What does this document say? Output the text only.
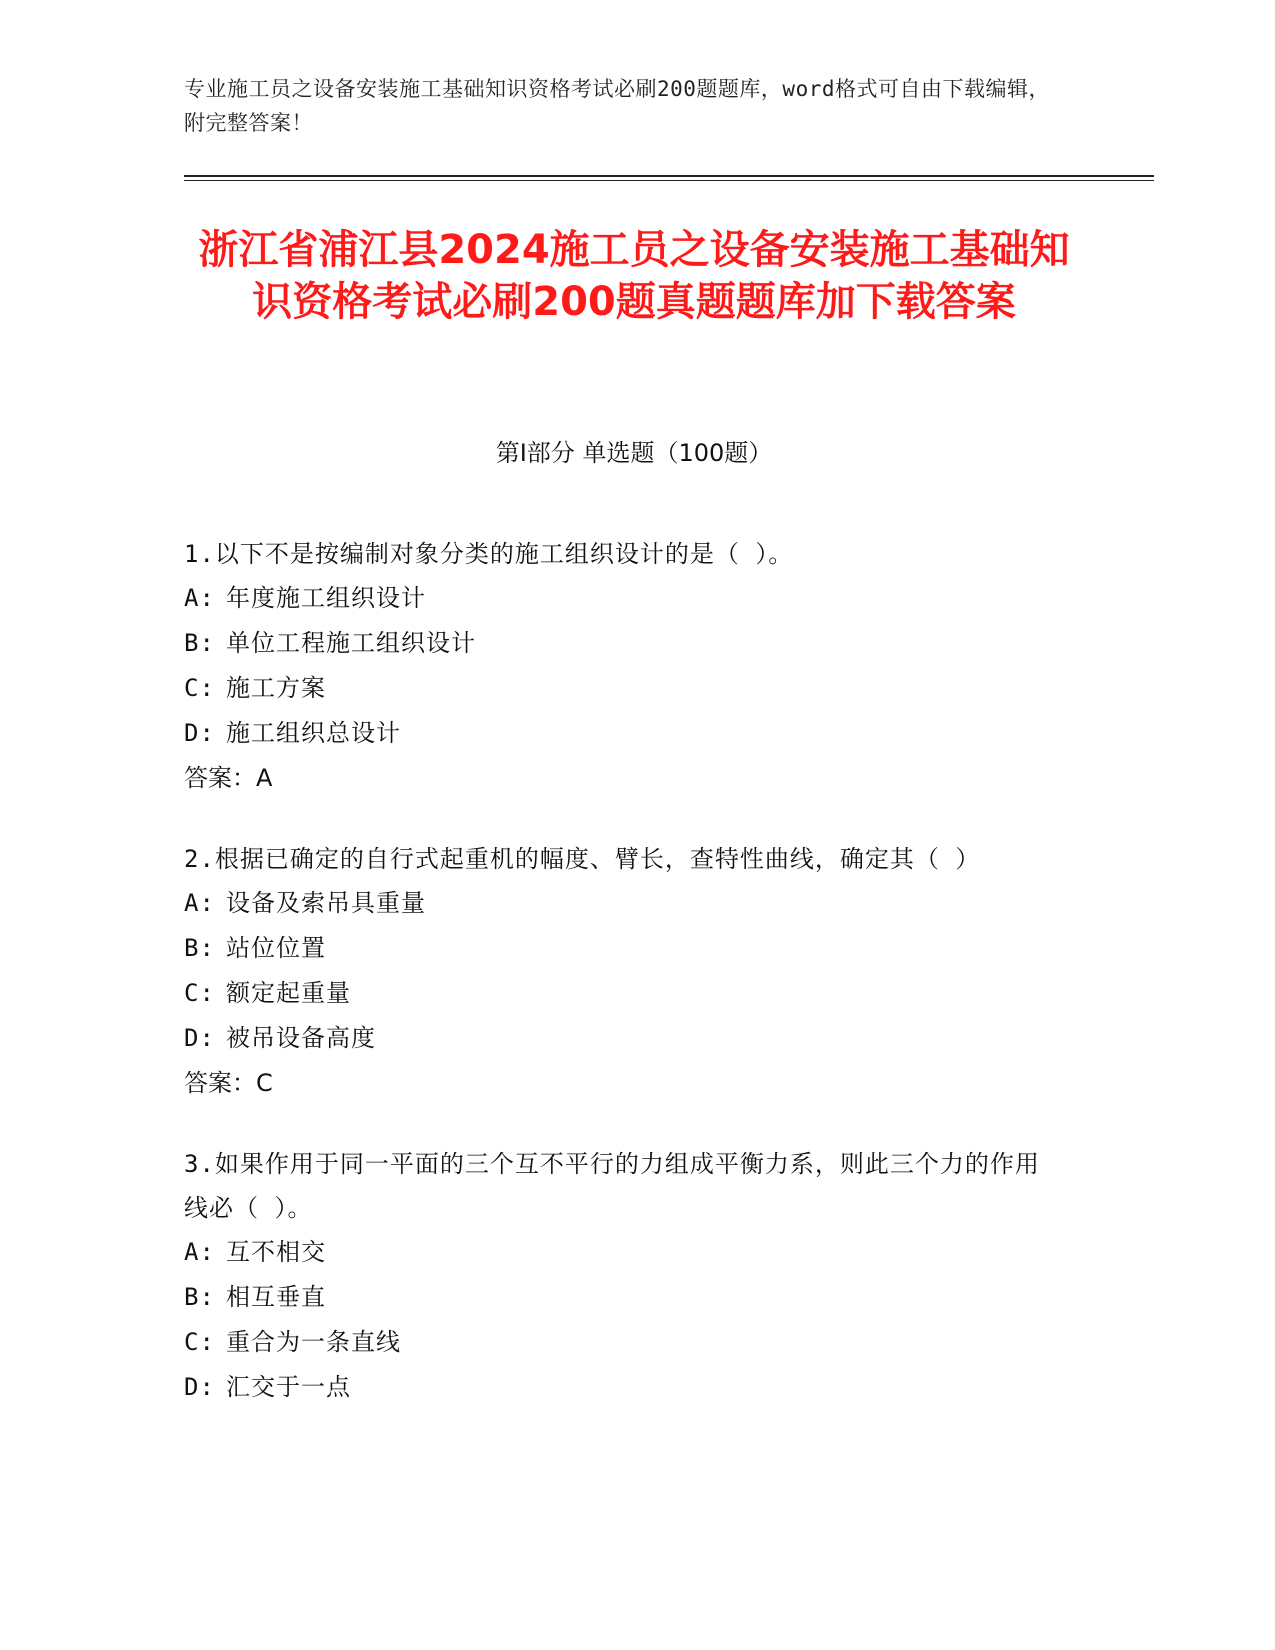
专业施工员之设备安装施工基础知识资格考试必刷200题题库，word格式可自由下载编辑，附完整答案！
浙江省浦江县2024施工员之设备安装施工基础知识资格考试必刷200题真题题库加下载答案
第Ⅰ部分 单选题（100题）
1.以下不是按编制对象分类的施工组织设计的是（ ）。
A: 年度施工组织设计
B: 单位工程施工组织设计
C: 施工方案
D: 施工组织总设计
答案：A
2.根据已确定的自行式起重机的幅度、臂长，查特性曲线，确定其（ ）
A: 设备及索吊具重量
B: 站位位置
C: 额定起重量
D: 被吊设备高度
答案：C
3.如果作用于同一平面的三个互不平行的力组成平衡力系，则此三个力的作用线必（ ）。
A: 互不相交
B: 相互垂直
C: 重合为一条直线
D: 汇交于一点
